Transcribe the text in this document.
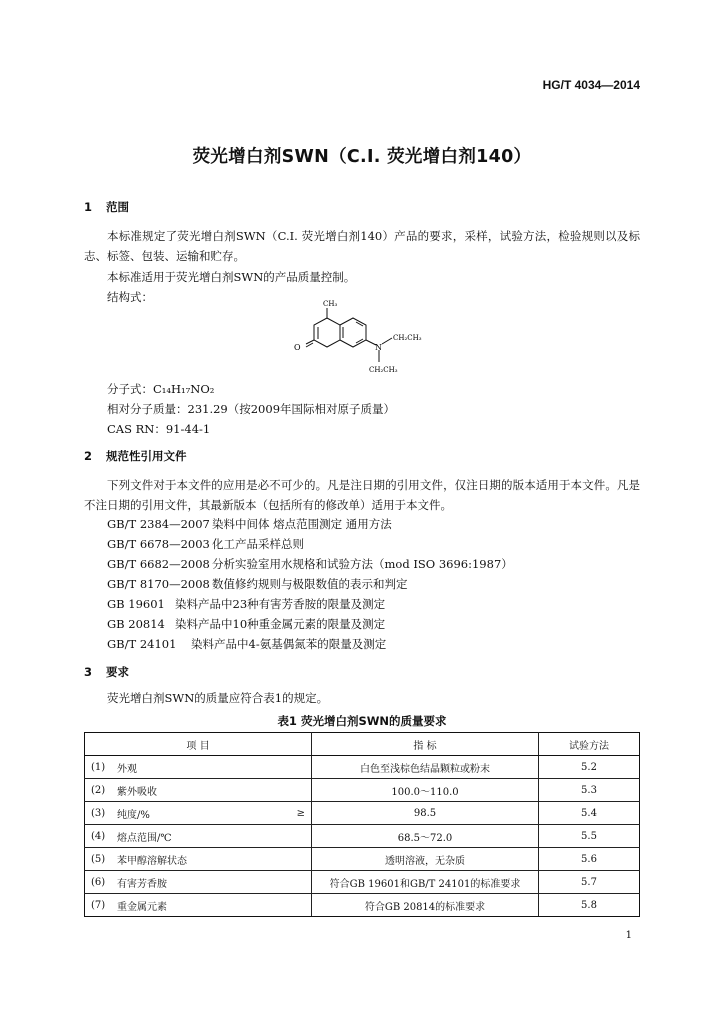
HG/T 4034—2014
荧光增白剂SWN（C.I. 荧光增白剂140）
1 范围
本标准规定了荧光增白剂SWN（C.I. 荧光增白剂140）产品的要求，采样，试验方法，检验规则以及标志、标签、包装、运输和贮存。
本标准适用于荧光增白剂SWN的产品质量控制。
结构式：	CH₃
O	N
CH₂CH₃
CH₂CH₃
分子式：C₁₄H₁₇NO₂
相对分子质量：231.29（按2009年国际相对原子质量）
CAS RN：91-44-1
2 规范性引用文件
下列文件对于本文件的应用是必不可少的。凡是注日期的引用文件，仅注日期的版本适用于本文件。凡是不注日期的引用文件，其最新版本（包括所有的修改单）适用于本文件。
GB/T 2384—2007 染料中间体 熔点范围测定 通用方法
GB/T 6678—2003 化工产品采样总则
GB/T 6682—2008 分析实验室用水规格和试验方法（mod ISO 3696:1987）
GB/T 8170—2008 数值修约规则与极限数值的表示和判定
GB 19601 染料产品中23种有害芳香胺的限量及测定
GB 20814 染料产品中10种重金属元素的限量及测定
GB/T 24101 染料产品中4-氨基偶氮苯的限量及测定
3 要求
荧光增白剂SWN的质量应符合表1的规定。
表1 荧光增白剂SWN的质量要求
项 目	指 标	试验方法

(1) 外观	白色至浅棕色结晶颗粒或粉末	5.2

(2) 紫外吸收	100.0～110.0	5.3

(3) 纯度/% ≥	98.5	5.4

(4) 熔点范围/℃	68.5～72.0	5.5

(5) 苯甲醇溶解状态	透明溶液，无杂质	5.6

(6) 有害芳香胺	符合GB 19601和GB/T 24101的标准要求	5.7

(7) 重金属元素	符合GB 20814的标准要求	5.8
1
